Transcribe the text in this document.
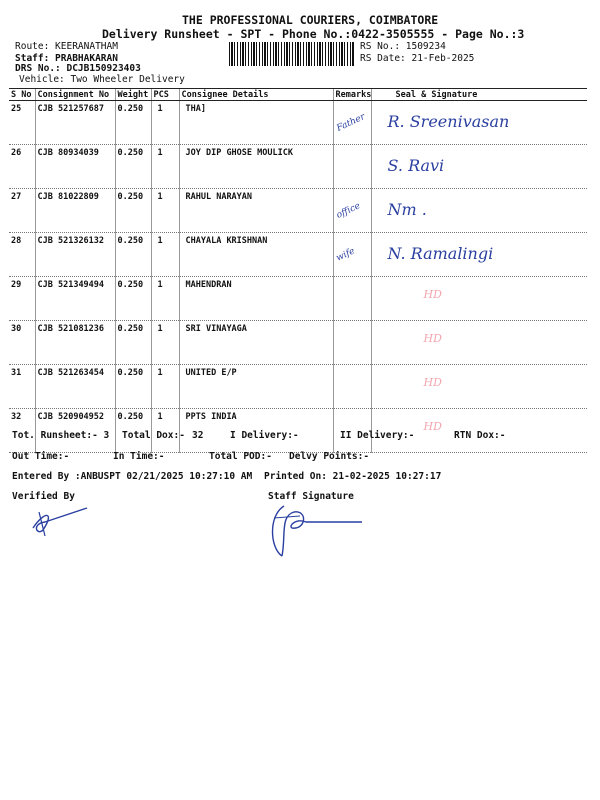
THE PROFESSIONAL COURIERS, COIMBATORE
Delivery Runsheet - SPT - Phone No.:0422-3505555 - Page No.:3
Route: KEERANATHAM
Staff: PRABHAKARAN
DRS No.: DCJB150923403
Vehicle: Two Wheeler Delivery
RS No.: 1509234
RS Date: 21-Feb-2025
S No	Consignment No	Weight	PCS	Consignee Details	Remarks	Seal & Signature
25	CJB 521257687	0.250	1	THA]	Father	R. Sreenivasan
26	CJB 80934039	0.250	1	JOY DIP GHOSE MOULICK		S. Ravi
27	CJB 81022809	0.250	1	RAHUL NARAYAN	office	Nm .
28	CJB 521326132	0.250	1	CHAYALA KRISHNAN	wife	N. Ramalingi
29	CJB 521349494	0.250	1	MAHENDRAN		HD
30	CJB 521081236	0.250	1	SRI VINAYAGA		HD
31	CJB 521263454	0.250	1	UNITED E/P		HD
32	CJB 520904952	0.250	1	PPTS INDIA		HD
Tot. Runsheet:- 3 Total Dox:- 32	I Delivery:-	II Delivery:-	RTN Dox:-
Out Time:-	In Time:-	Total POD:- Delvy Points:-
Entered By :ANBUSPT 02/21/2025 10:27:10 AM Printed On: 21-02-2025 10:27:17
Verified By	Staff Signature
